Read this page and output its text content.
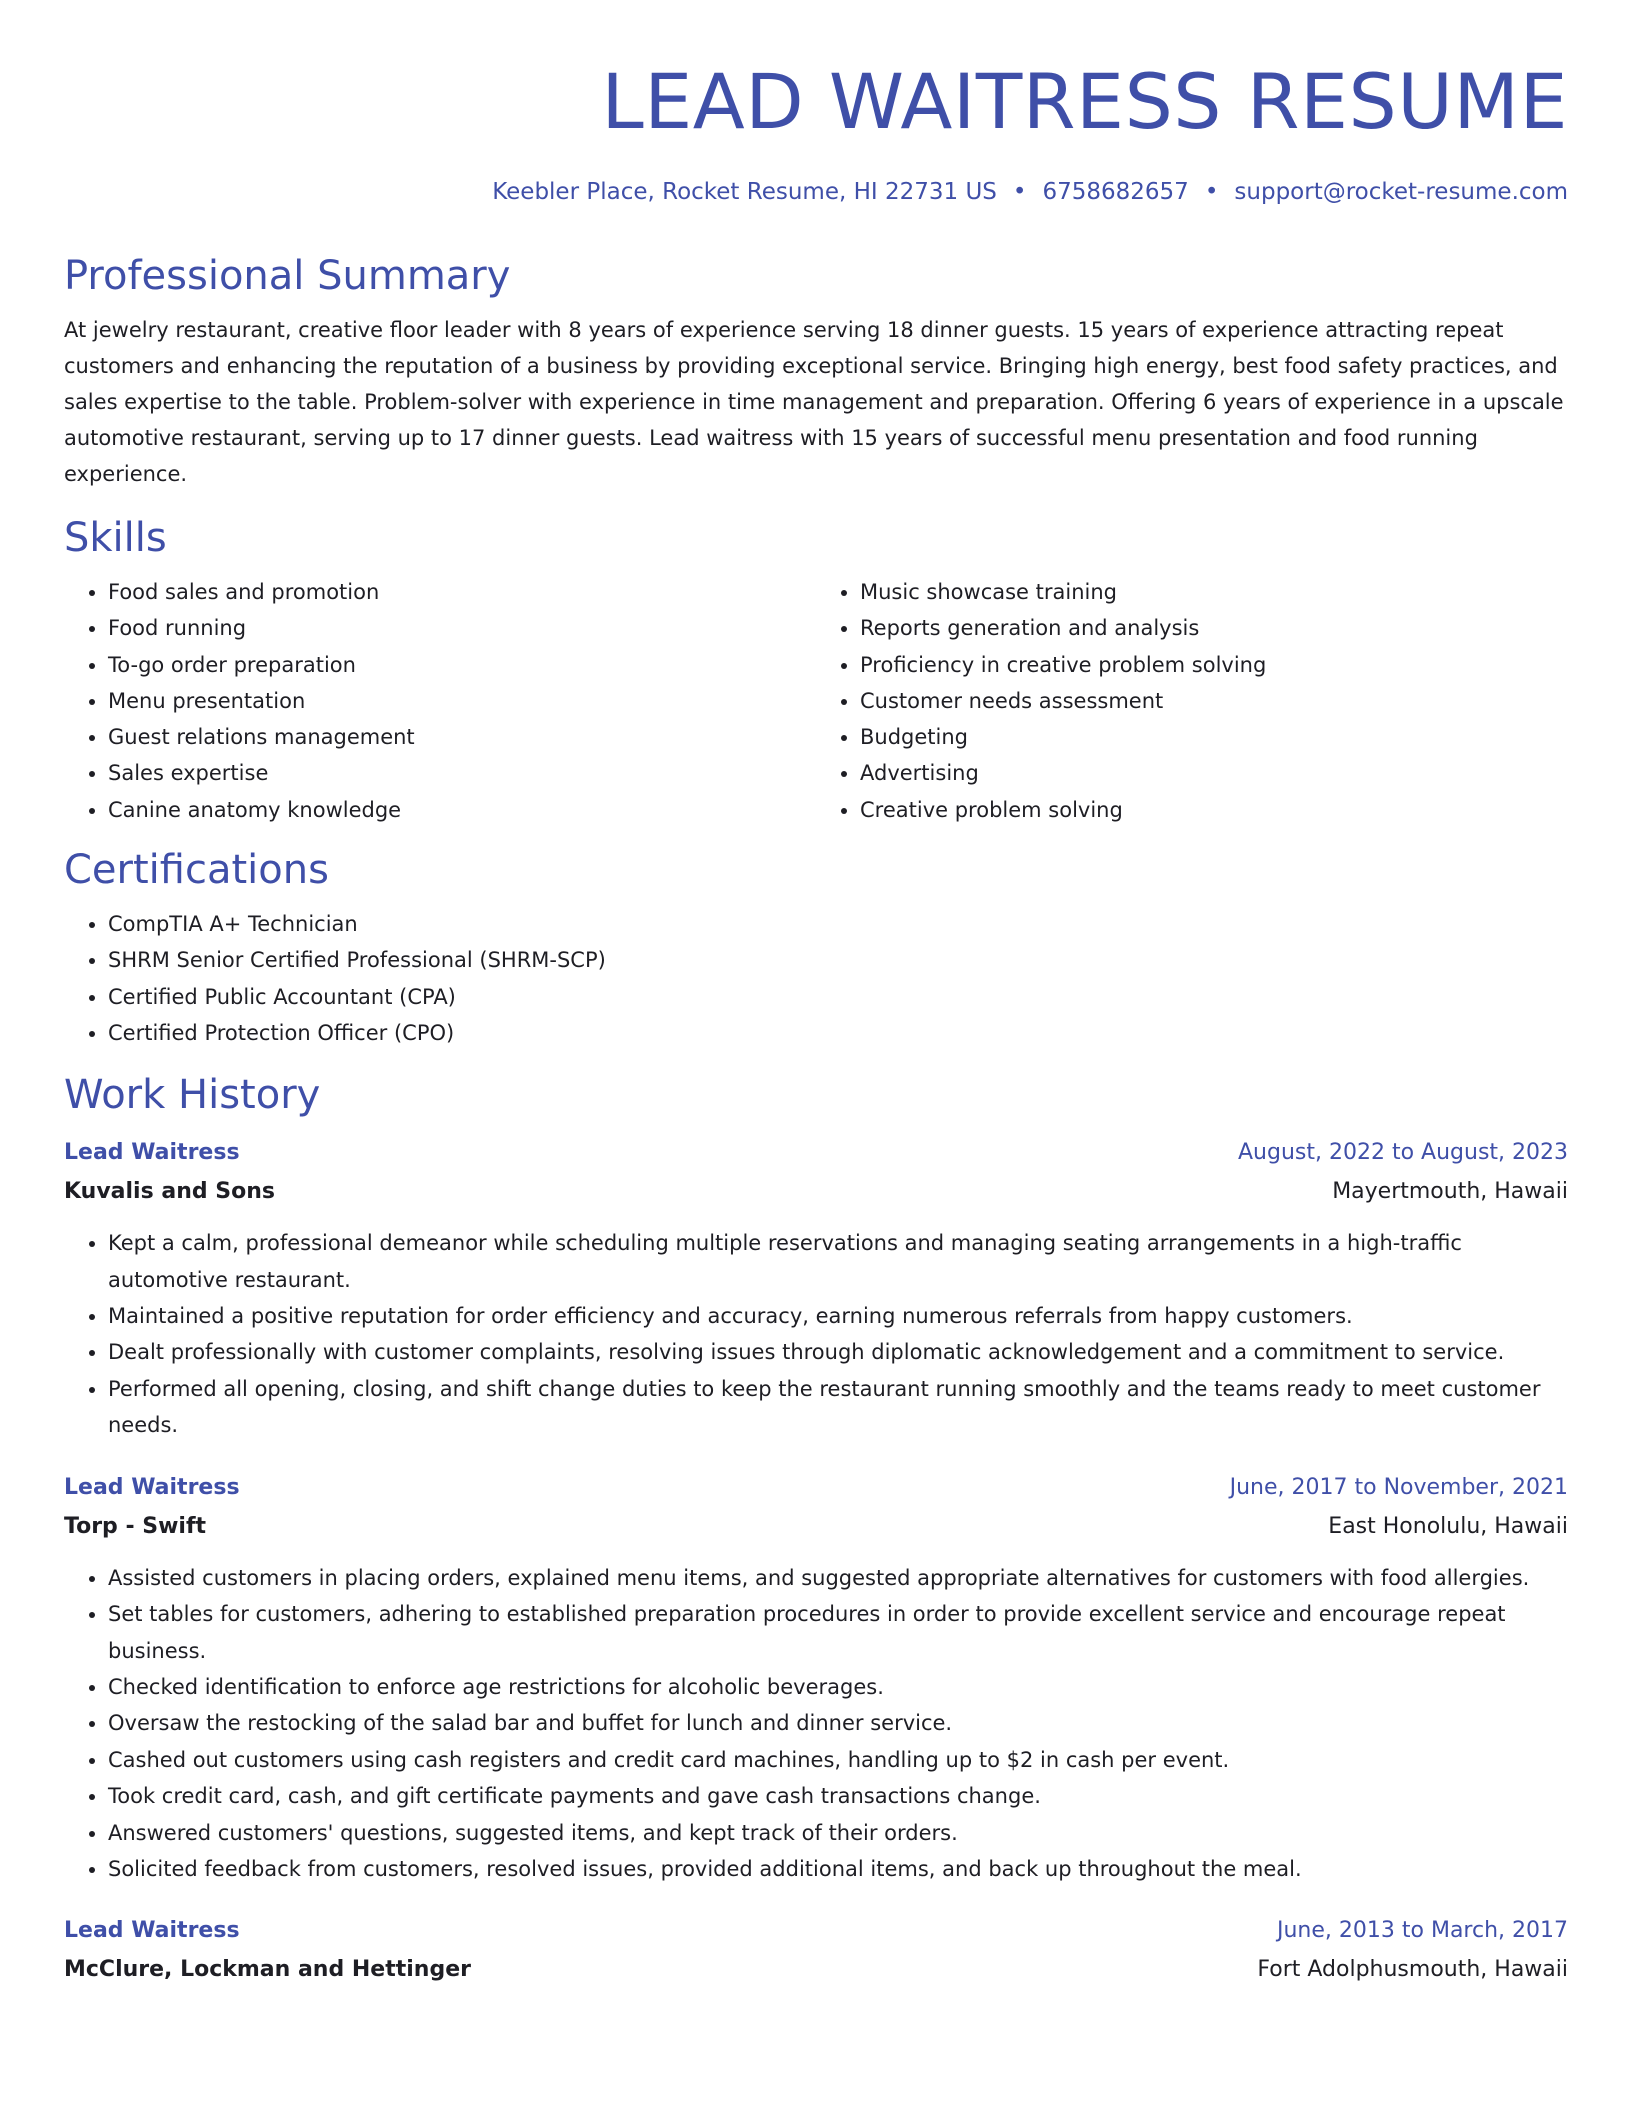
LEAD WAITRESS RESUME
Keebler Place, Rocket Resume, HI 22731 US • 6758682657 • support@rocket-resume.com
Professional Summary

At jewelry restaurant, creative floor leader with 8 years of experience serving 18 dinner guests. 15 years of experience attracting repeat customers and enhancing the reputation of a business by providing exceptional service. Bringing high energy, best food safety practices, and sales expertise to the table. Problem-solver with experience in time management and preparation. Offering 6 years of experience in a upscale automotive restaurant, serving up to 17 dinner guests. Lead waitress with 15 years of successful menu presentation and food running experience.

Skills
• Food sales and promotion
• Food running
• To-go order preparation
• Menu presentation
• Guest relations management
• Sales expertise
• Canine anatomy knowledge
• Music showcase training
• Reports generation and analysis
• Proficiency in creative problem solving
• Customer needs assessment
• Budgeting
• Advertising
• Creative problem solving
Certifications
• CompTIA A+ Technician
• SHRM Senior Certified Professional (SHRM-SCP)
• Certified Public Accountant (CPA)
• Certified Protection Officer (CPO)
Work History
Lead Waitress	August, 2022 to August, 2023
Kuvalis and Sons	Mayertmouth, Hawaii
• Kept a calm, professional demeanor while scheduling multiple reservations and managing seating arrangements in a high-traffic automotive restaurant.
• Maintained a positive reputation for order efficiency and accuracy, earning numerous referrals from happy customers.
• Dealt professionally with customer complaints, resolving issues through diplomatic acknowledgement and a commitment to service.
• Performed all opening, closing, and shift change duties to keep the restaurant running smoothly and the teams ready to meet customer needs.
Lead Waitress	June, 2017 to November, 2021
Torp - Swift	East Honolulu, Hawaii
• Assisted customers in placing orders, explained menu items, and suggested appropriate alternatives for customers with food allergies.
• Set tables for customers, adhering to established preparation procedures in order to provide excellent service and encourage repeat business.
• Checked identification to enforce age restrictions for alcoholic beverages.
• Oversaw the restocking of the salad bar and buffet for lunch and dinner service.
• Cashed out customers using cash registers and credit card machines, handling up to $2 in cash per event.
• Took credit card, cash, and gift certificate payments and gave cash transactions change.
• Answered customers' questions, suggested items, and kept track of their orders.
• Solicited feedback from customers, resolved issues, provided additional items, and back up throughout the meal.
Lead Waitress	June, 2013 to March, 2017
McClure, Lockman and Hettinger	Fort Adolphusmouth, Hawaii
